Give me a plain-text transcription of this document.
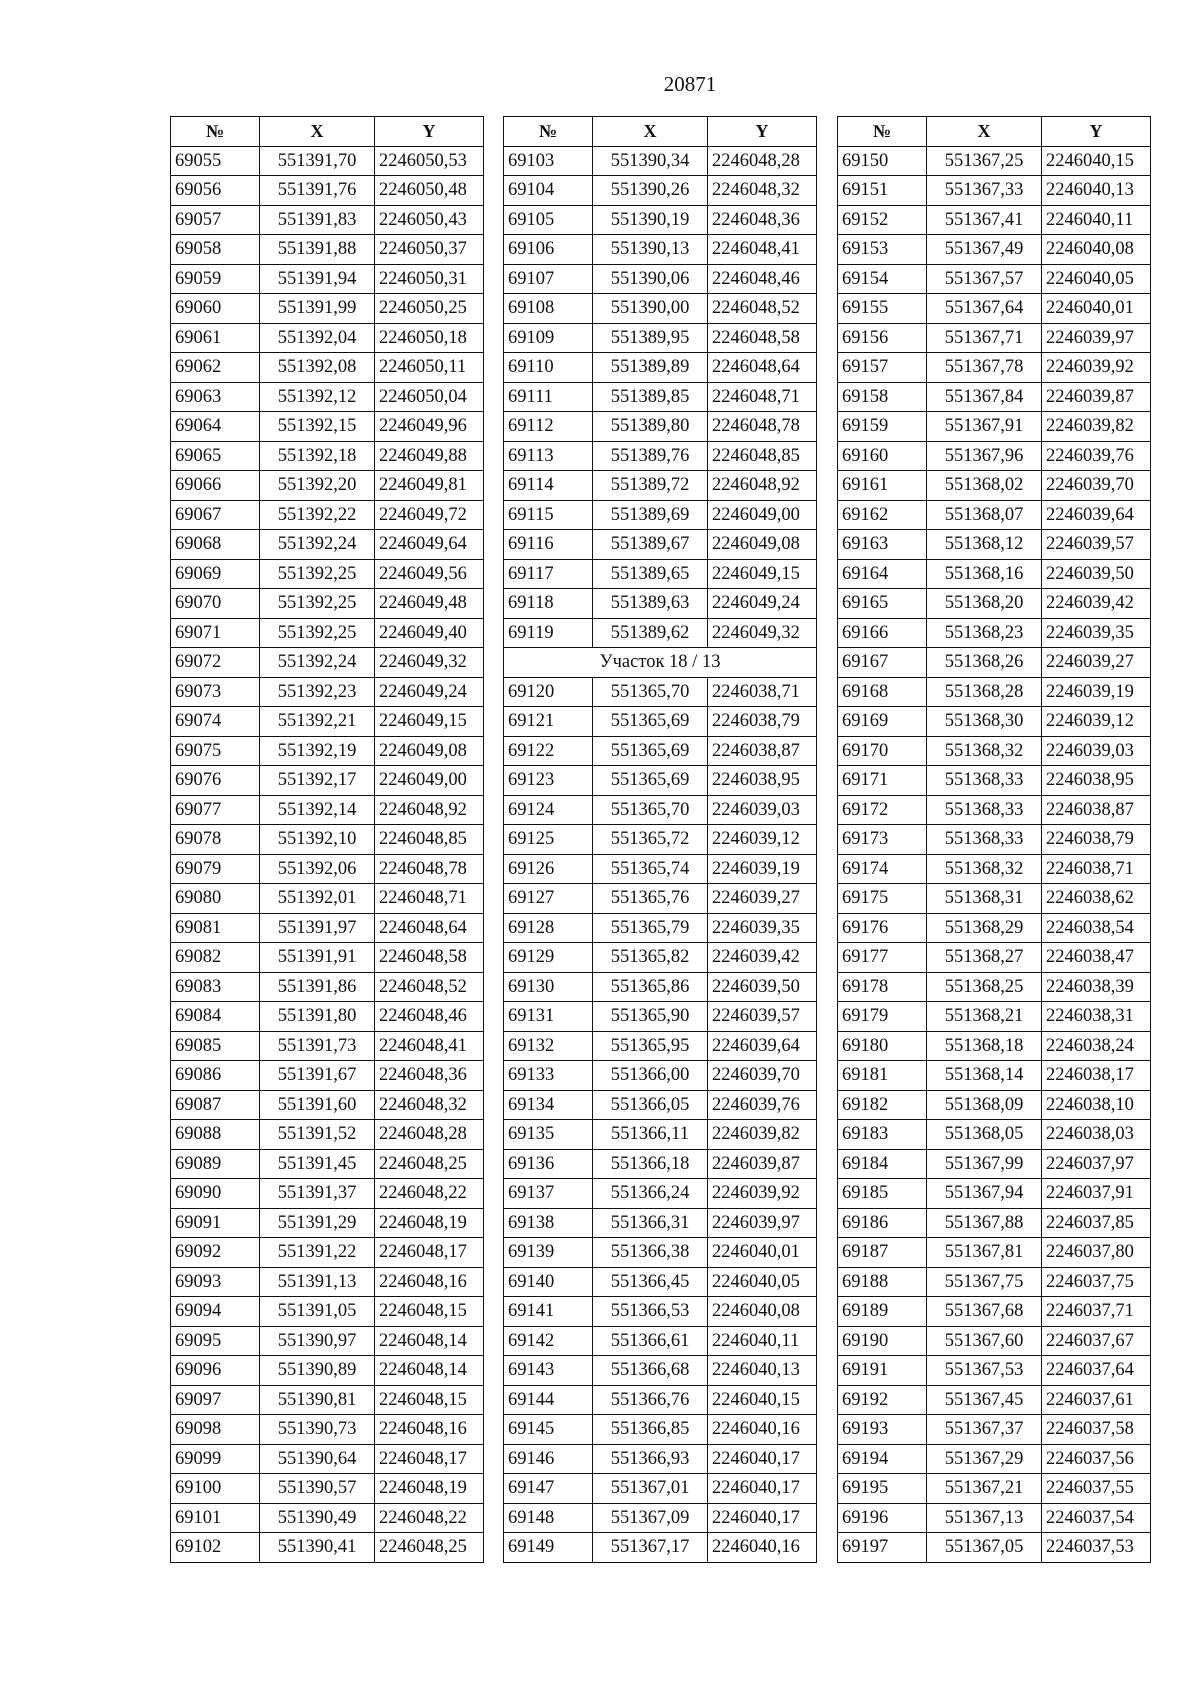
20871
№	X	Y
69055	551391,70	2246050,53
69056	551391,76	2246050,48
69057	551391,83	2246050,43
69058	551391,88	2246050,37
69059	551391,94	2246050,31
69060	551391,99	2246050,25
69061	551392,04	2246050,18
69062	551392,08	2246050,11
69063	551392,12	2246050,04
69064	551392,15	2246049,96
69065	551392,18	2246049,88
69066	551392,20	2246049,81
69067	551392,22	2246049,72
69068	551392,24	2246049,64
69069	551392,25	2246049,56
69070	551392,25	2246049,48
69071	551392,25	2246049,40
69072	551392,24	2246049,32
69073	551392,23	2246049,24
69074	551392,21	2246049,15
69075	551392,19	2246049,08
69076	551392,17	2246049,00
69077	551392,14	2246048,92
69078	551392,10	2246048,85
69079	551392,06	2246048,78
69080	551392,01	2246048,71
69081	551391,97	2246048,64
69082	551391,91	2246048,58
69083	551391,86	2246048,52
69084	551391,80	2246048,46
69085	551391,73	2246048,41
69086	551391,67	2246048,36
69087	551391,60	2246048,32
69088	551391,52	2246048,28
69089	551391,45	2246048,25
69090	551391,37	2246048,22
69091	551391,29	2246048,19
69092	551391,22	2246048,17
69093	551391,13	2246048,16
69094	551391,05	2246048,15
69095	551390,97	2246048,14
69096	551390,89	2246048,14
69097	551390,81	2246048,15
69098	551390,73	2246048,16
69099	551390,64	2246048,17
69100	551390,57	2246048,19
69101	551390,49	2246048,22
69102	551390,41	2246048,25
№	X	Y
69103	551390,34	2246048,28
69104	551390,26	2246048,32
69105	551390,19	2246048,36
69106	551390,13	2246048,41
69107	551390,06	2246048,46
69108	551390,00	2246048,52
69109	551389,95	2246048,58
69110	551389,89	2246048,64
69111	551389,85	2246048,71
69112	551389,80	2246048,78
69113	551389,76	2246048,85
69114	551389,72	2246048,92
69115	551389,69	2246049,00
69116	551389,67	2246049,08
69117	551389,65	2246049,15
69118	551389,63	2246049,24
69119	551389,62	2246049,32
Участок 18 / 13		
69120	551365,70	2246038,71
69121	551365,69	2246038,79
69122	551365,69	2246038,87
69123	551365,69	2246038,95
69124	551365,70	2246039,03
69125	551365,72	2246039,12
69126	551365,74	2246039,19
69127	551365,76	2246039,27
69128	551365,79	2246039,35
69129	551365,82	2246039,42
69130	551365,86	2246039,50
69131	551365,90	2246039,57
69132	551365,95	2246039,64
69133	551366,00	2246039,70
69134	551366,05	2246039,76
69135	551366,11	2246039,82
69136	551366,18	2246039,87
69137	551366,24	2246039,92
69138	551366,31	2246039,97
69139	551366,38	2246040,01
69140	551366,45	2246040,05
69141	551366,53	2246040,08
69142	551366,61	2246040,11
69143	551366,68	2246040,13
69144	551366,76	2246040,15
69145	551366,85	2246040,16
69146	551366,93	2246040,17
69147	551367,01	2246040,17
69148	551367,09	2246040,17
69149	551367,17	2246040,16
№	X	Y
69150	551367,25	2246040,15
69151	551367,33	2246040,13
69152	551367,41	2246040,11
69153	551367,49	2246040,08
69154	551367,57	2246040,05
69155	551367,64	2246040,01
69156	551367,71	2246039,97
69157	551367,78	2246039,92
69158	551367,84	2246039,87
69159	551367,91	2246039,82
69160	551367,96	2246039,76
69161	551368,02	2246039,70
69162	551368,07	2246039,64
69163	551368,12	2246039,57
69164	551368,16	2246039,50
69165	551368,20	2246039,42
69166	551368,23	2246039,35
69167	551368,26	2246039,27
69168	551368,28	2246039,19
69169	551368,30	2246039,12
69170	551368,32	2246039,03
69171	551368,33	2246038,95
69172	551368,33	2246038,87
69173	551368,33	2246038,79
69174	551368,32	2246038,71
69175	551368,31	2246038,62
69176	551368,29	2246038,54
69177	551368,27	2246038,47
69178	551368,25	2246038,39
69179	551368,21	2246038,31
69180	551368,18	2246038,24
69181	551368,14	2246038,17
69182	551368,09	2246038,10
69183	551368,05	2246038,03
69184	551367,99	2246037,97
69185	551367,94	2246037,91
69186	551367,88	2246037,85
69187	551367,81	2246037,80
69188	551367,75	2246037,75
69189	551367,68	2246037,71
69190	551367,60	2246037,67
69191	551367,53	2246037,64
69192	551367,45	2246037,61
69193	551367,37	2246037,58
69194	551367,29	2246037,56
69195	551367,21	2246037,55
69196	551367,13	2246037,54
69197	551367,05	2246037,53
